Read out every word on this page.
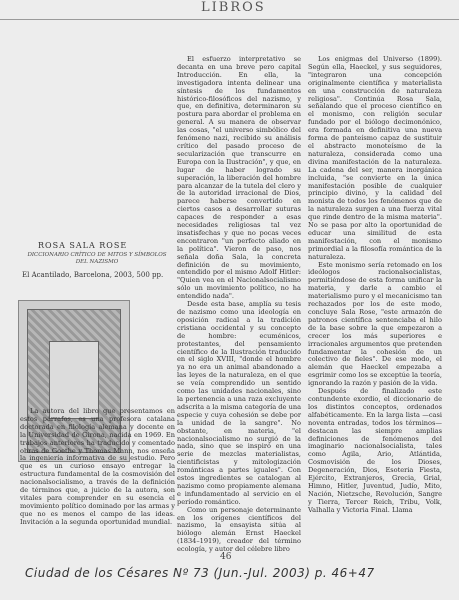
LIBROS
ROSA SALA ROSE
DICCIONARIO CRÍTICO DE MITOS Y SÍMBOLOS DEL NAZISMO
El Acantilado, Barcelona, 2003, 500 pp.

El esfuerzo interpretativo se decanta en una breve pero capital Introducción. En ella, la investigadora intenta delinear una síntesis de los fundamentos histórico-filosóficos del nazismo, y que, en definitiva, determinaron su postura para abordar el problema en general. A su manera de observar las cosas, "el universo simbólico del fenómeno nazi, recibido su análisis crítico del pasado proceso de secularización que transcurre en Europa con la Ilustración", y que, en lugar de haber logrado su superación, la liberación del hombre para alcanzar de la tutela del clero y de la autoridad irracional de Dios, parece haberse convertido en ciertos casos a desarrollar suturas capaces de responder a esas necesidades religiosas tal vez insatisfechas y que no pocas veces encontraron "un perfecto aliado en la política". Vieron de paso, nos señala doña Sala, la concreta definición de su movimiento, entendido por el mismo Adolf Hitler: "Quien vea en el Nacionalsocialismo sólo un movimiento político, no ha entendido nada".

Desde esta base, amplía su tesis de nazismo como una ideología en oposición radical a la tradición cristiana occidental y su concepto de hombre: ecuménicos, protestantes, del pensamiento científico de la Ilustración traducido en el siglo XVIII, "donde el hombre ya no era un animal abandonado a las leyes de la naturaleza, en el que se veía comprendido un sentido como las unidades nacionales, sino la pertenencia a una raza excluyente adscrita a la misma categoría de una especie y cuya cohesión se debe por la unidad de la sangre". No obstante, en materia, "el nacionalsocialismo no surgió de la nada, sino que se inspiró en una serie de mezclas materialistas, cientificistas y mitologización románticas a partes iguales". Con estos ingredientes se catalogan al nazismo como propiamente alemana e infundamentado al servicio en el período romántico.

Como un personaje determinante en los orígenes científicos del nazismo, la ensayista sitúa al biólogo alemán Ernst Haeckel (1834–1919), creador del término ecología, y autor del célebre libro

Los enigmas del Universo (1899). Según ella, Haeckel, y sus seguidores, "integraron una concepción originalmente científica y materialista en una construcción de naturaleza religiosa". Continúa Rosa Sala, señalando que el proceso científico en el monismo, con religión secular fundado por el biólogo decimonónico, era formada en definitiva una nueva forma de panteísmo capaz de sustituir el abstracto monoteísmo de la naturaleza, considerada como una divina manifestación de la naturaleza. La cadena del ser, manera inorgánica incluida, "se convierte en la única manifestación posible de cualquier principio divino, y la calidad del monista de todos los fenómenos que de la naturaleza surgen a una fuerza vital que rinde dentro de la misma materia". No se pasa por alto la oportunidad de educar una similitud de esta manifestación, con el monismo primordial a la filosofía romántica de la naturaleza.

Este monismo sería retomado en los ideólogos racionalsocialistas, permitiéndose de esta forma unificar la materia, y darle a cambio el materialismo puro y el mecanicismo tan rechazados por los de este modo, concluye Sala Rose, "este armazón de patronos científica sentenciaba el hilo de la base sobre la que empezaron a crecer los más superiores e irracionales argumentos que pretenden fundamentar la cohesión de un colectivo de fieles". De ese modo, el alemán que Haeckel empezaba a esgrimir como los se exceptúe la teoría, ignorando la razón y pasión de la vida.

Después de finalizado este contundente exordio, el diccionario de los distintos conceptos, ordenados alfabéticamente. En la larga lista —casi noventa entradas, todos los términos— destacan las siempre amplias definiciones de fenómenos del imaginario nacionalsocialista, tales como Ágila, Ario, Atlántida, Cosmovisión de los Dioses, Degeneración, Dios, Esoteria Fiesta, Ejército, Extranjeros, Grecia, Grial, Himno, Hitler, Juventud, Judío, Mito, Nación, Nietzsche, Revolución, Sangre y Tierra, Tercer Reich, Tribu, Volk, Valhalla y Victoria Final. Llama

La autora del libro que presentamos en estos párrafos, es una profesora catalana doctorada en filología alemana y docente en la Universidad de Girona, nacida en 1969. En trabajos anteriores ha traducido y comentado obras de Goethe y Thomas Mann, nos enseña la ingeniería informativa de su estudio. Pero que es un curioso ensayo entregar la estructura fundamental de la cosmovisión del nacionalsocialismo, a través de la definición de términos que, a juicio de la autora, son vitales para comprender en su esencia el movimiento político dominado por las armas y que no es menos el campo de las ideas. Invitación a la segunda oportunidad mundial.

46
Ciudad de los Césares Nº 73 (Jun.-Jul. 2003) p. 46+47
